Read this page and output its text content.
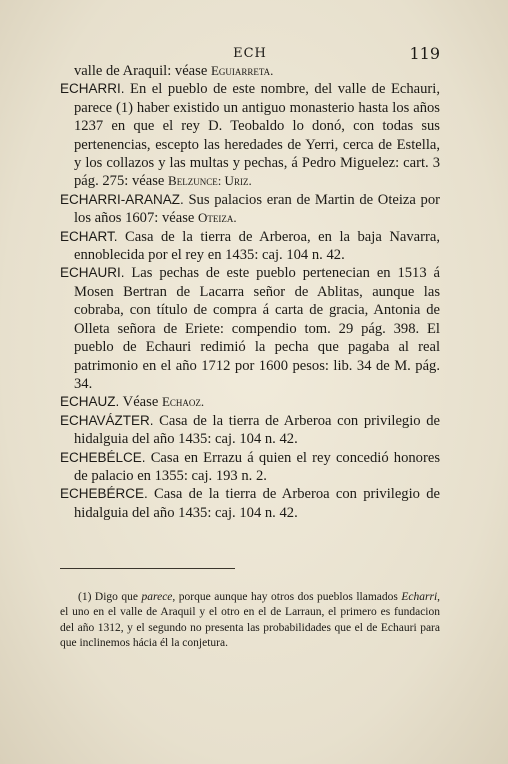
ECH	119

valle de Araquil: véase Eguiarreta.

ECHARRI. En el pueblo de este nombre, del valle de Echauri, parece (1) haber existido un antiguo monasterio hasta los años 1237 en que el rey D. Teobaldo lo donó, con todas sus pertenencias, escepto las heredades de Yerri, cerca de Estella, y los collazos y las multas y pechas, á Pedro Miguelez: cart. 3 pág. 275: véase Belzunce: Uriz.

ECHARRI-ARANAZ. Sus palacios eran de Martin de Oteiza por los años 1607: véase Oteiza.

ECHART. Casa de la tierra de Arberoa, en la baja Navarra, ennoblecida por el rey en 1435: caj. 104 n. 42.

ECHAURI. Las pechas de este pueblo pertenecian en 1513 á Mosen Bertran de Lacarra señor de Ablitas, aunque las cobraba, con título de compra á carta de gracia, Antonia de Olleta señora de Eriete: compendio tom. 29 pág. 398. El pueblo de Echauri redimió la pecha que pagaba al real patrimonio en el año 1712 por 1600 pesos: lib. 34 de M. pág. 34.

ECHAUZ. Véase Echaoz.

ECHAVÁZTER. Casa de la tierra de Arberoa con privilegio de hidalguia del año 1435: caj. 104 n. 42.

ECHEBÉLCE. Casa en Errazu á quien el rey concedió honores de palacio en 1355: caj. 193 n. 2.

ECHEBÉRCE. Casa de la tierra de Arberoa con privilegio de hidalguia del año 1435: caj. 104 n. 42.

(1) Digo que parece, porque aunque hay otros dos pueblos llamados Echarri, el uno en el valle de Araquil y el otro en el de Larraun, el primero es fundacion del año 1312, y el segundo no presenta las probabilidades que el de Echauri para que inclinemos hácia él la conjetura.
